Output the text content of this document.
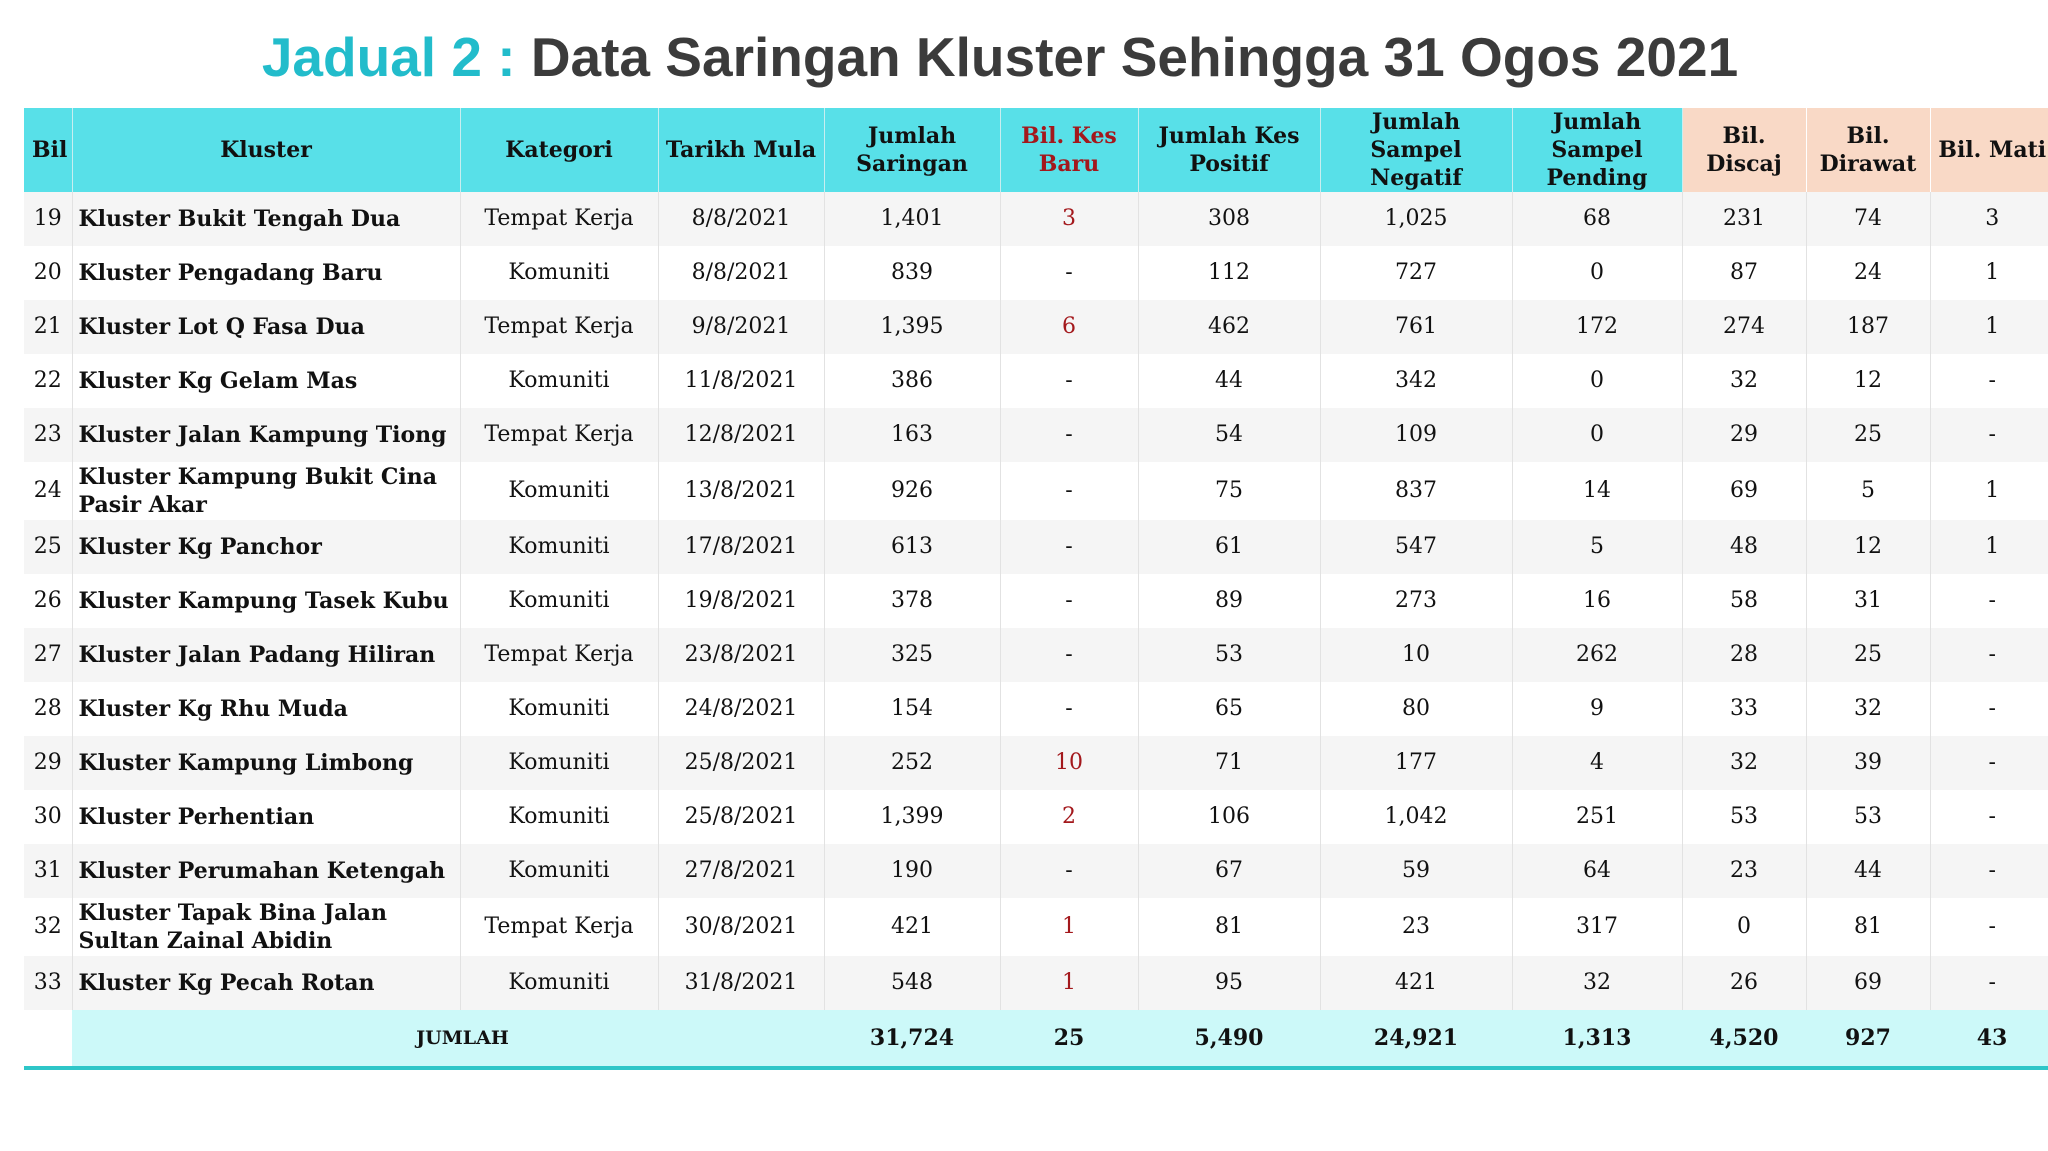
Jadual 2 : Data Saringan Kluster Sehingga 31 Ogos 2021
Bil	Kluster	Kategori	Tarikh Mula	Jumlah Saringan	Bil. Kes Baru	Jumlah Kes Positif	Jumlah Sampel Negatif	Jumlah Sampel Pending	Bil. Discaj	Bil. Dirawat	Bil. Mati
19	Kluster Bukit Tengah Dua	Tempat Kerja	8/8/2021	1,401	3	308	1,025	68	231	74	3
20	Kluster Pengadang Baru	Komuniti	8/8/2021	839	-	112	727	0	87	24	1
21	Kluster Lot Q Fasa Dua	Tempat Kerja	9/8/2021	1,395	6	462	761	172	274	187	1
22	Kluster Kg Gelam Mas	Komuniti	11/8/2021	386	-	44	342	0	32	12	-
23	Kluster Jalan Kampung Tiong	Tempat Kerja	12/8/2021	163	-	54	109	0	29	25	-
24	Kluster Kampung Bukit Cina Pasir Akar	Komuniti	13/8/2021	926	-	75	837	14	69	5	1
25	Kluster Kg Panchor	Komuniti	17/8/2021	613	-	61	547	5	48	12	1
26	Kluster Kampung Tasek Kubu	Komuniti	19/8/2021	378	-	89	273	16	58	31	-
27	Kluster Jalan Padang Hiliran	Tempat Kerja	23/8/2021	325	-	53	10	262	28	25	-
28	Kluster Kg Rhu Muda	Komuniti	24/8/2021	154	-	65	80	9	33	32	-
29	Kluster Kampung Limbong	Komuniti	25/8/2021	252	10	71	177	4	32	39	-
30	Kluster Perhentian	Komuniti	25/8/2021	1,399	2	106	1,042	251	53	53	-
31	Kluster Perumahan Ketengah	Komuniti	27/8/2021	190	-	67	59	64	23	44	-
32	Kluster Tapak Bina Jalan Sultan Zainal Abidin	Tempat Kerja	30/8/2021	421	1	81	23	317	0	81	-
33	Kluster Kg Pecah Rotan	Komuniti	31/8/2021	548	1	95	421	32	26	69	-
	JUMLAH			31,724	25	5,490	24,921	1,313	4,520	927	43
